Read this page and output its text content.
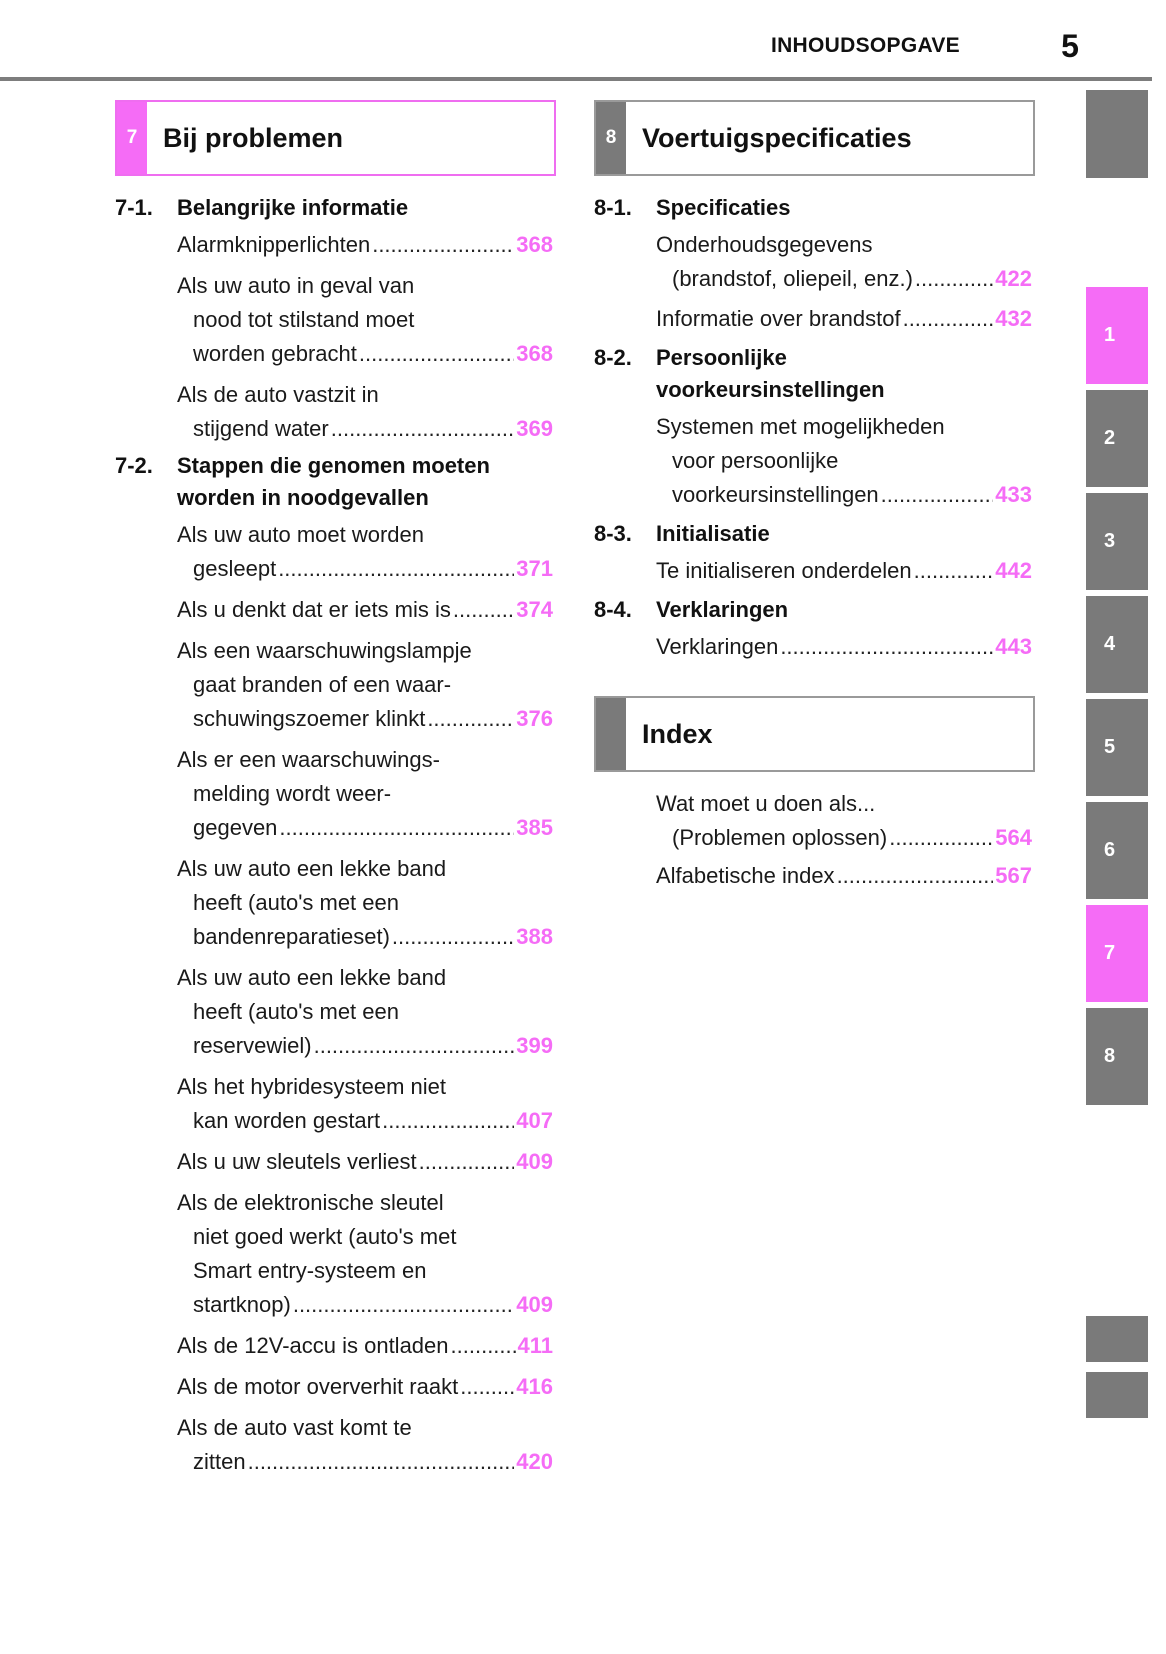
INHOUDSOPGAVE	5
7 Bij problemen	8 Voertuigspecificaties
7-1. Belangrijke informatie
Alarmknipperlichten .....	368
Als uw auto in geval van
nood tot stilstand moet
worden gebracht .....	368
Als de auto vastzit in
stijgend water .....	369
7-2. Stappen die genomen moeten
worden in noodgevallen
Als uw auto moet worden
gesleept .....	371
Als u denkt dat er iets mis is .....	374
Als een waarschuwingslampje
gaat branden of een waar-
schuwingszoemer klinkt .....	376
Als er een waarschuwings-
melding wordt weer-
gegeven .....	385
Als uw auto een lekke band
heeft (auto's met een
bandenreparatieset) .....	388
Als uw auto een lekke band
heeft (auto's met een
reservewiel) .....	399
Als het hybridesysteem niet
kan worden gestart .....	407
Als u uw sleutels verliest .....	409
Als de elektronische sleutel
niet goed werkt (auto's met
Smart entry-systeem en
startknop) .....	409
Als de 12V-accu is ontladen .....	411
Als de motor oververhit raakt .....	416
Als de auto vast komt te
zitten .....	420
8-1. Specificaties
Onderhoudsgegevens
(brandstof, oliepeil, enz.) .....	422
Informatie over brandstof .....	432
8-2. Persoonlijke
voorkeursinstellingen
Systemen met mogelijkheden
voor persoonlijke
voorkeursinstellingen .....	433
8-3. Initialisatie
Te initialiseren onderdelen .....	442
8-4. Verklaringen
Verklaringen .....	443
Index
Wat moet u doen als...
(Problemen oplossen) .....	564
Alfabetische index .....	567
1
2
3
4
5
6
7
8
